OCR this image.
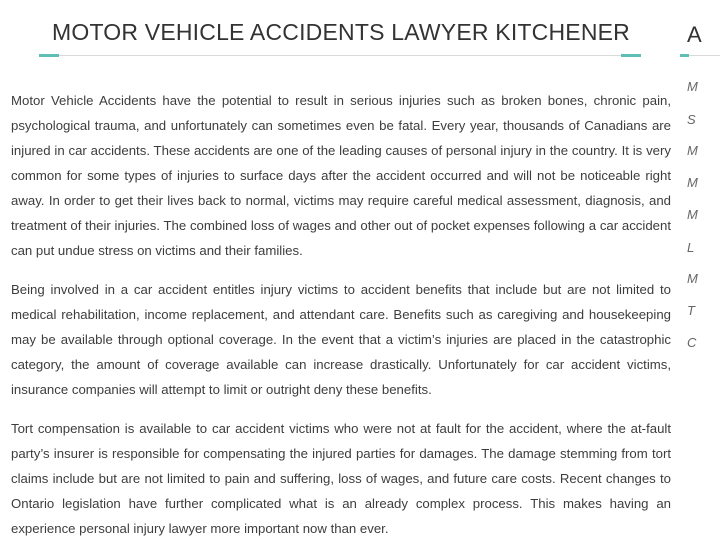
MOTOR VEHICLE ACCIDENTS LAWYER KITCHENER

Motor Vehicle Accidents have the potential to result in serious injuries such as broken bones, chronic pain, psychological trauma, and unfortunately can sometimes even be fatal. Every year, thousands of Canadians are injured in car accidents. These accidents are one of the leading causes of personal injury in the country. It is very common for some types of injuries to surface days after the accident occurred and will not be noticeable right away. In order to get their lives back to normal, victims may require careful medical assessment, diagnosis, and treatment of their injuries. The combined loss of wages and other out of pocket expenses following a car accident can put undue stress on victims and their families.

Being involved in a car accident entitles injury victims to accident benefits that include but are not limited to medical rehabilitation, income replacement, and attendant care. Benefits such as caregiving and housekeeping may be available through optional coverage. In the event that a victim’s injuries are placed in the catastrophic category, the amount of coverage available can increase drastically. Unfortunately for car accident victims, insurance companies will attempt to limit or outright deny these benefits.

Tort compensation is available to car accident victims who were not at fault for the accident, where the at-fault party’s insurer is responsible for compensating the injured parties for damages. The damage stemming from tort claims include but are not limited to pain and suffering, loss of wages, and future care costs. Recent changes to Ontario legislation have further complicated what is an already complex process. This makes having an experience personal injury lawyer more important now than ever.

A
M
S
M
M
M
L
M
T
C
